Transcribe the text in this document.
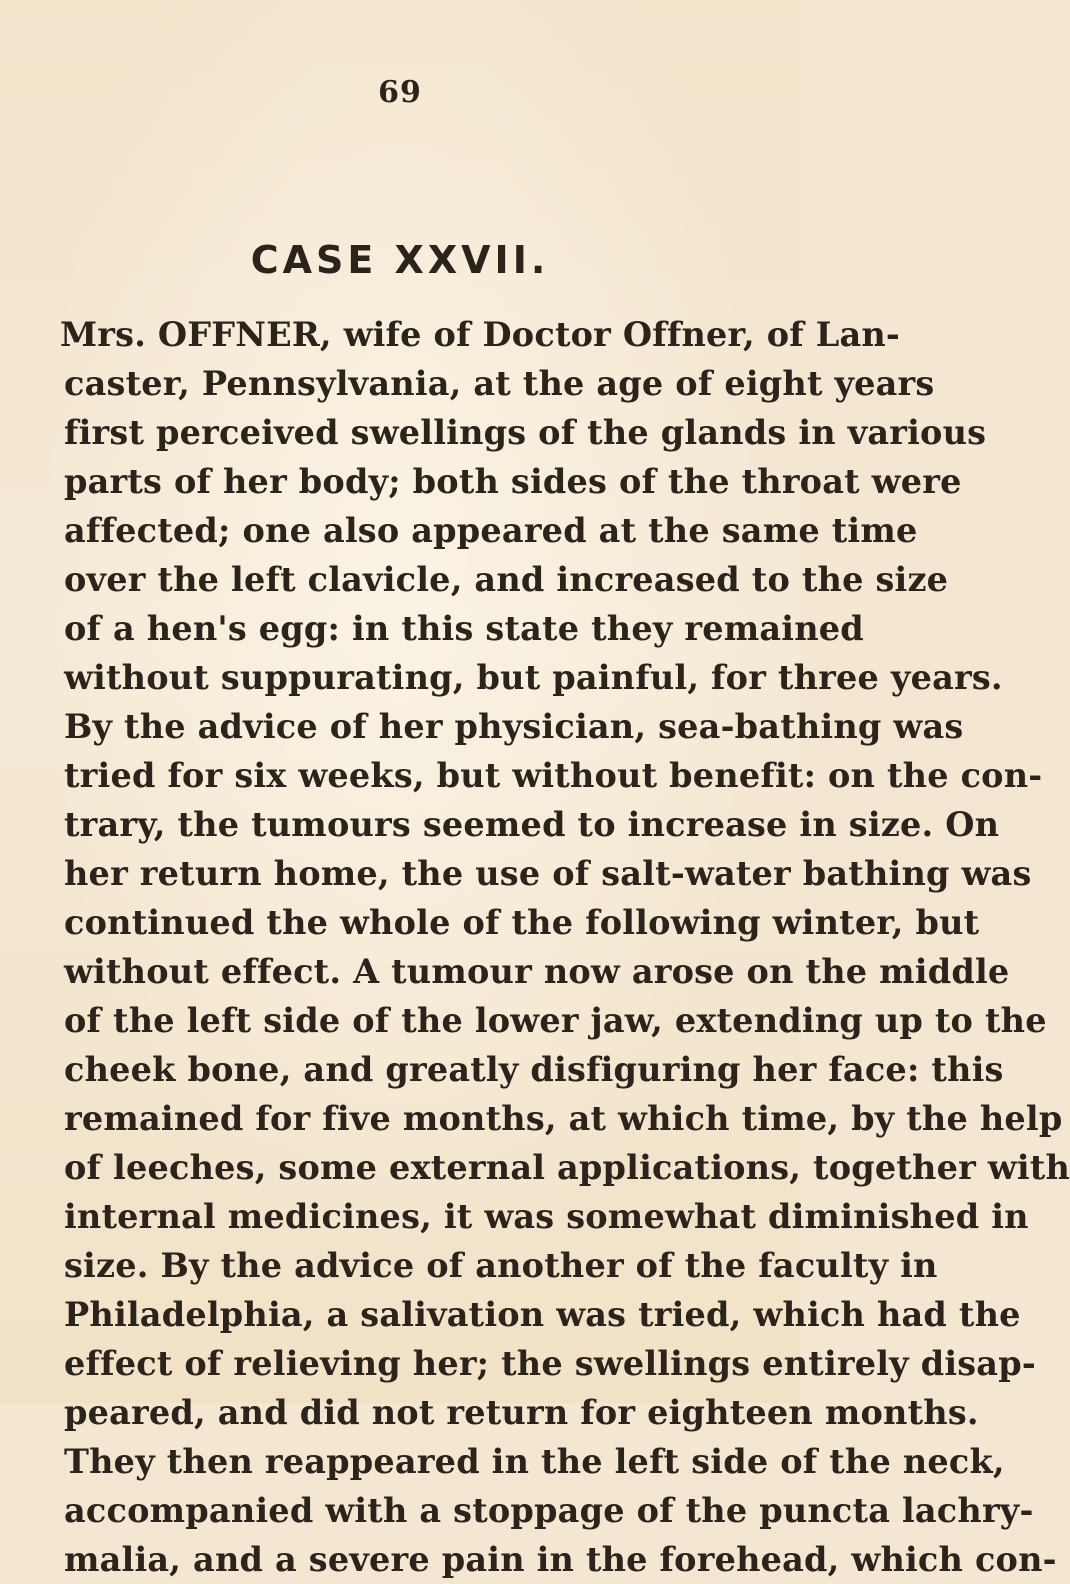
69
CASE XXVII.
Mrs. OFFNER, wife of Doctor Offner, of Lan-
caster, Pennsylvania, at the age of eight years
first perceived swellings of the glands in various
parts of her body; both sides of the throat were
affected; one also appeared at the same time
over the left clavicle, and increased to the size
of a hen's egg: in this state they remained
without suppurating, but painful, for three years.
By the advice of her physician, sea-bathing was
tried for six weeks, but without benefit: on the con-
trary, the tumours seemed to increase in size. On
her return home, the use of salt-water bathing was
continued the whole of the following winter, but
without effect. A tumour now arose on the middle
of the left side of the lower jaw, extending up to the
cheek bone, and greatly disfiguring her face: this
remained for five months, at which time, by the help
of leeches, some external applications, together with
internal medicines, it was somewhat diminished in
size. By the advice of another of the faculty in
Philadelphia, a salivation was tried, which had the
effect of relieving her; the swellings entirely disap-
peared, and did not return for eighteen months.
They then reappeared in the left side of the neck,
accompanied with a stoppage of the puncta lachry-
malia, and a severe pain in the forehead, which con-
